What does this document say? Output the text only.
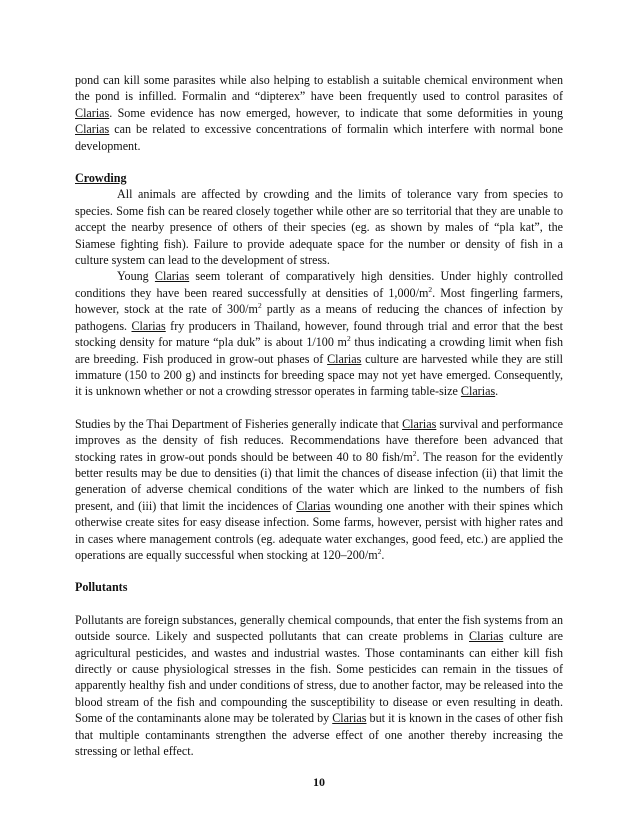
pond can kill some parasites while also helping to establish a suitable chemical environment when the pond is infilled. Formalin and “dipterex” have been frequently used to control parasites of Clarias. Some evidence has now emerged, however, to indicate that some deformities in young Clarias can be related to excessive concentrations of formalin which interfere with normal bone development.

Crowding

All animals are affected by crowding and the limits of tolerance vary from species to species. Some fish can be reared closely together while other are so territorial that they are unable to accept the nearby presence of others of their species (eg. as shown by males of “pla kat”, the Siamese fighting fish). Failure to provide adequate space for the number or density of fish in a culture system can lead to the development of stress.

Young Clarias seem tolerant of comparatively high densities. Under highly controlled conditions they have been reared successfully at densities of $1,000/m^2$. Most fingerling farmers, however, stock at the rate of $300/m^2$ partly as a means of reducing the chances of infection by pathogens. Clarias fry producers in Thailand, however, found through trial and error that the best stocking density for mature “pla duk” is about 1/100 $m^2$ thus indicating a crowding limit when fish are breeding. Fish produced in grow-out phases of Clarias culture are harvested while they are still immature (150 to 200 g) and instincts for breeding space may not yet have emerged. Consequently, it is unknown whether or not a crowding stressor operates in farming table-size Clarias.

Studies by the Thai Department of Fisheries generally indicate that Clarias survival and performance improves as the density of fish reduces. Recommendations have therefore been advanced that stocking rates in grow-out ponds should be between 40 to 80 fish/$m^2$. The reason for the evidently better results may be due to densities (i) that limit the chances of disease infection (ii) that limit the generation of adverse chemical conditions of the water which are linked to the numbers of fish present, and (iii) that limit the incidences of Clarias wounding one another with their spines which otherwise create sites for easy disease infection. Some farms, however, persist with higher rates and in cases where management controls (eg. adequate water exchanges, good feed, etc.) are applied the operations are equally successful when stocking at $120-200/m^2$.

Pollutants

Pollutants are foreign substances, generally chemical compounds, that enter the fish systems from an outside source. Likely and suspected pollutants that can create problems in Clarias culture are agricultural pesticides, and wastes and industrial wastes. Those contaminants can either kill fish directly or cause physiological stresses in the fish. Some pesticides can remain in the tissues of apparently healthy fish and under conditions of stress, due to another factor, may be released into the blood stream of the fish and compounding the susceptibility to disease or even resulting in death. Some of the contaminants alone may be tolerated by Clarias but it is known in the cases of other fish that multiple contaminants strengthen the adverse effect of one another thereby increasing the stressing or lethal effect.

10
